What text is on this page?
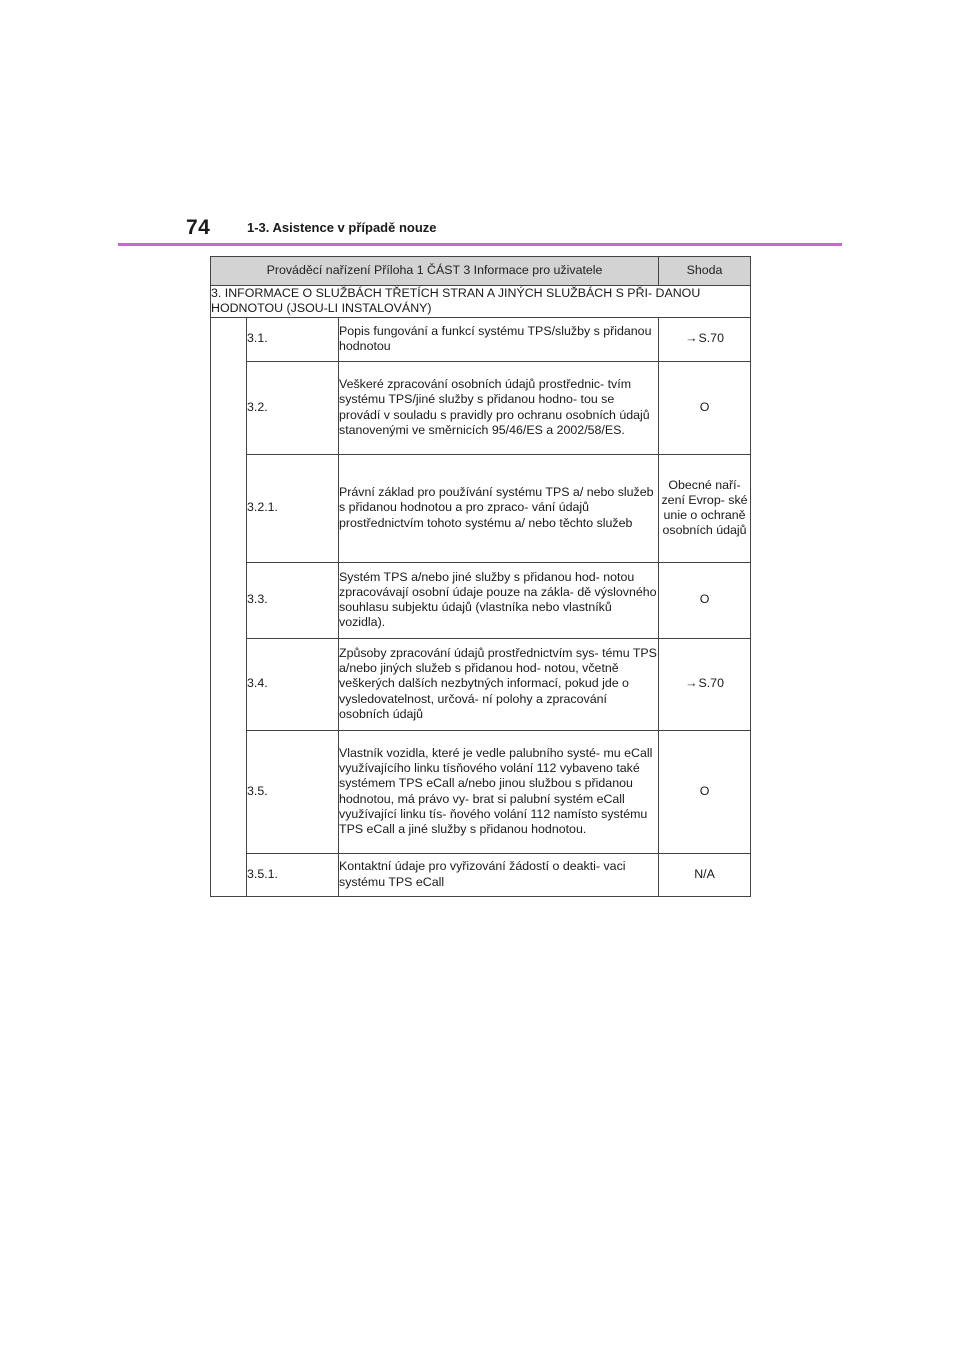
74	1-3. Asistence v případě nouze
Prováděcí nařízení Příloha 1 ČÁST 3 Informace pro uživatele			Shoda
3. INFORMACE O SLUŽBÁCH TŘETÍCH STRAN A JINÝCH SLUŽBÁCH S PŘI- DANOU HODNOTOU (JSOU-LI INSTALOVÁNY)			
	3.1.	Popis fungování a funkcí systému TPS/služby s přidanou hodnotou	→S.70
	3.2.	Veškeré zpracování osobních údajů prostřednic- tvím systému TPS/jiné služby s přidanou hodno- tou se provádí v souladu s pravidly pro ochranu osobních údajů stanovenými ve směrnicích 95/46/ES a 2002/58/ES.	O
	3.2.1.	Právní základ pro používání systému TPS a/ nebo služeb s přidanou hodnotou a pro zpraco- vání údajů prostřednictvím tohoto systému a/ nebo těchto služeb	Obecné naří- zení Evrop- ské unie o ochraně osobních údajů
	3.3.	Systém TPS a/nebo jiné služby s přidanou hod- notou zpracovávají osobní údaje pouze na zákla- dě výslovného souhlasu subjektu údajů (vlastníka nebo vlastníků vozidla).	O
	3.4.	Způsoby zpracování údajů prostřednictvím sys- tému TPS a/nebo jiných služeb s přidanou hod- notou, včetně veškerých dalších nezbytných informací, pokud jde o vysledovatelnost, určová- ní polohy a zpracování osobních údajů	→S.70
	3.5.	Vlastník vozidla, které je vedle palubního systé- mu eCall využívajícího linku tísňového volání 112 vybaveno také systémem TPS eCall a/nebo jinou službou s přidanou hodnotou, má právo vy- brat si palubní systém eCall využívající linku tís- ňového volání 112 namísto systému TPS eCall a jiné služby s přidanou hodnotou.	O
	3.5.1.	Kontaktní údaje pro vyřizování žádostí o deakti- vaci systému TPS eCall	N/A
